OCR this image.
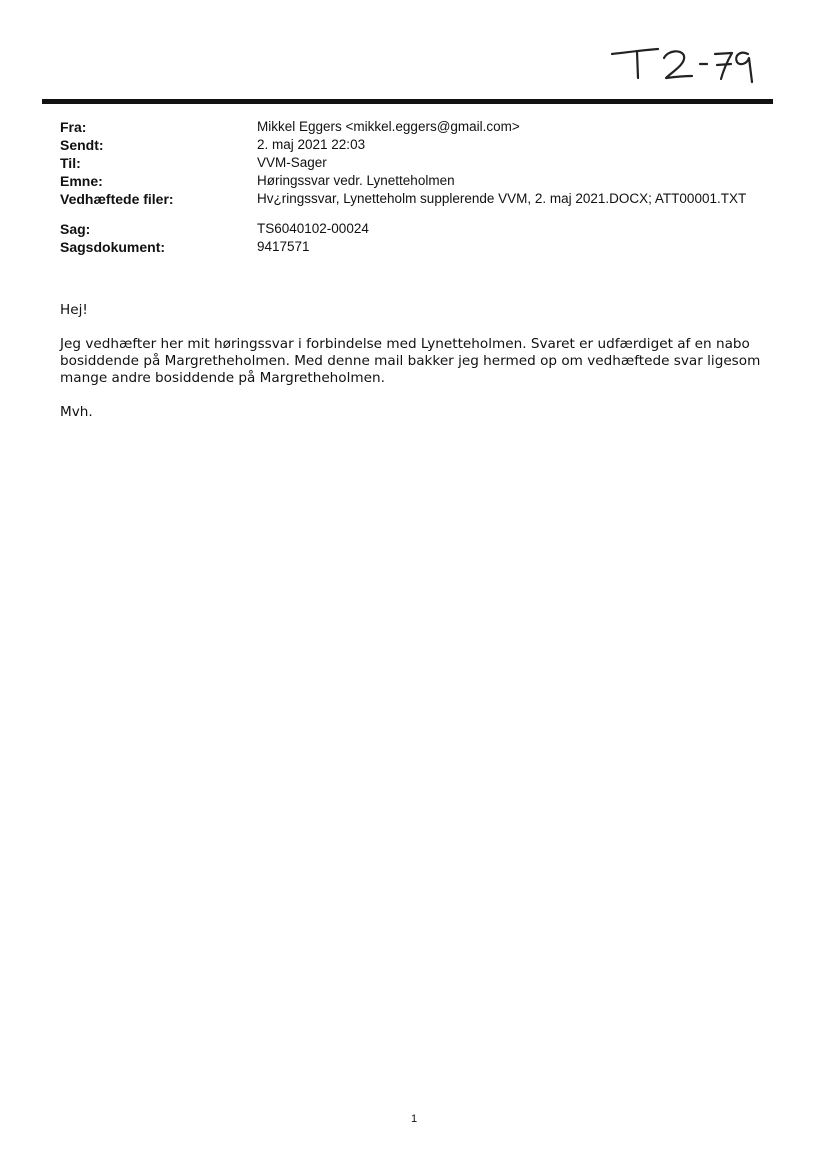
Fra:	Mikkel Eggers <mikkel.eggers@gmail.com>
Sendt:	2. maj 2021 22:03
Til:	VVM-Sager
Emne:	Høringssvar vedr. Lynetteholmen
Vedhæftede filer:	Hv¿ringssvar, Lynetteholm supplerende VVM, 2. maj 2021.DOCX; ATT00001.TXT
Sag:	TS6040102-00024
Sagsdokument:	9417571

Hej!

Jeg vedhæfter her mit høringssvar i forbindelse med Lynetteholmen. Svaret er udfærdiget af en nabo

bosiddende på Margretheholmen. Med denne mail bakker jeg hermed op om vedhæftede svar ligesom

mange andre bosiddende på Margretheholmen.

Mvh.

1
